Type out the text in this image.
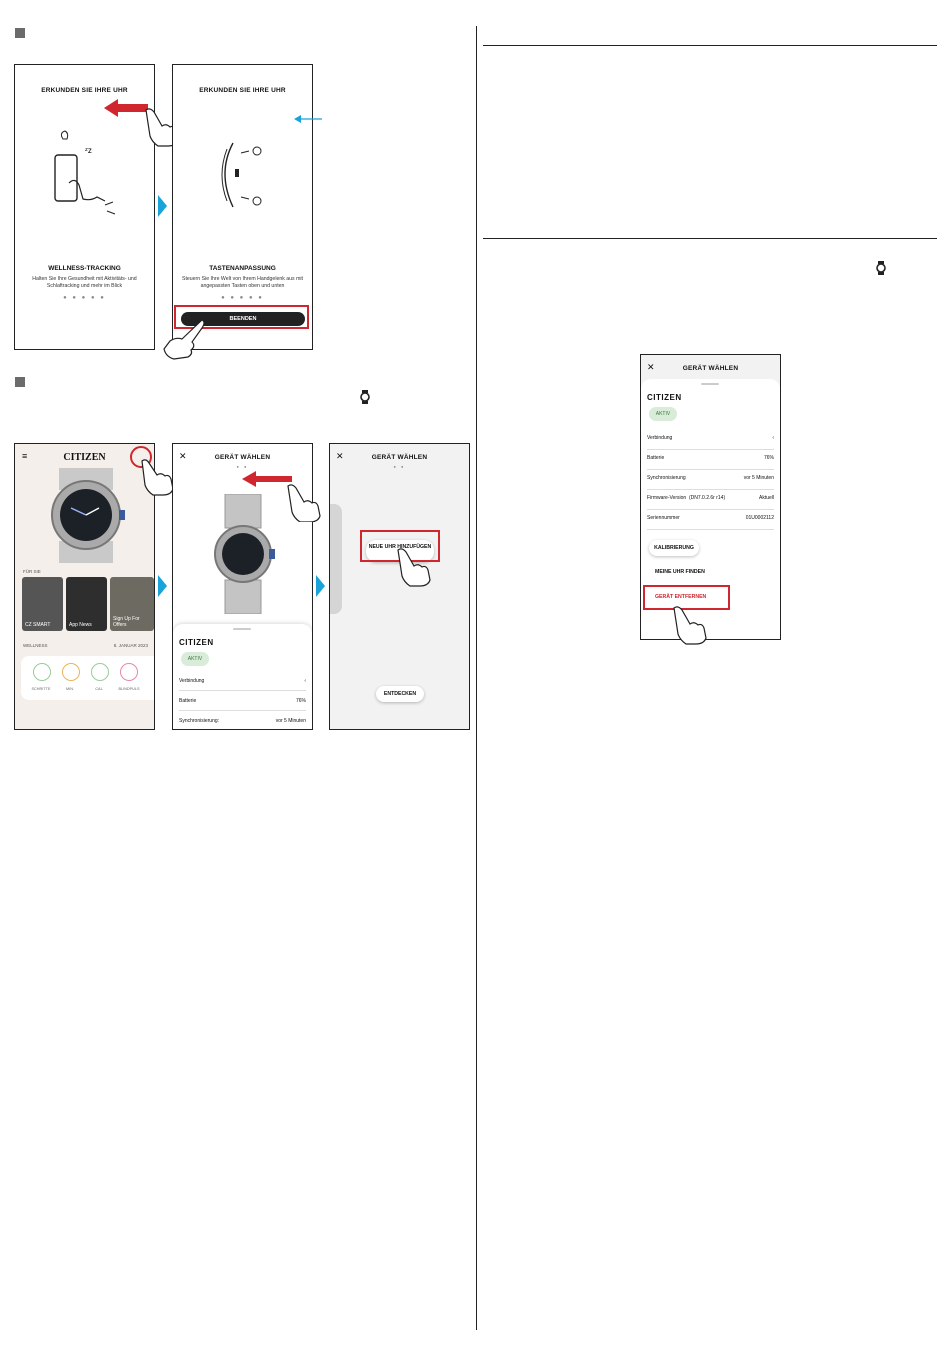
ERKUNDEN SIE IHRE UHR
ᶻz
WELLNESS-TRACKING
Halten Sie Ihre Gesundheit mit Aktivitäts- und Schlaftracking und mehr im Blick
● ● ● ● ●
ERKUNDEN SIE IHRE UHR
TASTENANPASSUNG
Steuern Sie Ihre Welt von Ihrem Handgelenk aus mit angepassten Tasten oben und unten
● ● ● ● ●
BEENDEN
≡	CITIZEN
FÜR SIE
CZ SMART	App News
Sign Up For Offers
WELLNESS	8. JANUAR 2023
SCHRITTE	MIN.	CAL	BLINDPULS
✕	GERÄT WÄHLEN
● ●
CITIZEN
AKTIV
Verbindung	‹
Batterie	76%
Synchronisierung:	vor 5 Minuten
✕	GERÄT WÄHLEN
● ●
NEUE UHR HINZUFÜGEN
ENTDECKEN
✕	GERÄT WÄHLEN
CITIZEN
AKTIV
Verbindung	‹
Batterie	76%
Synchronisierung	vor 5 Minuten
Firmware-Version (DN7.0.2.6r r14)	Aktuell
Seriennummer	01U0002112
KALIBRIERUNG
MEINE UHR FINDEN
GERÄT ENTFERNEN
